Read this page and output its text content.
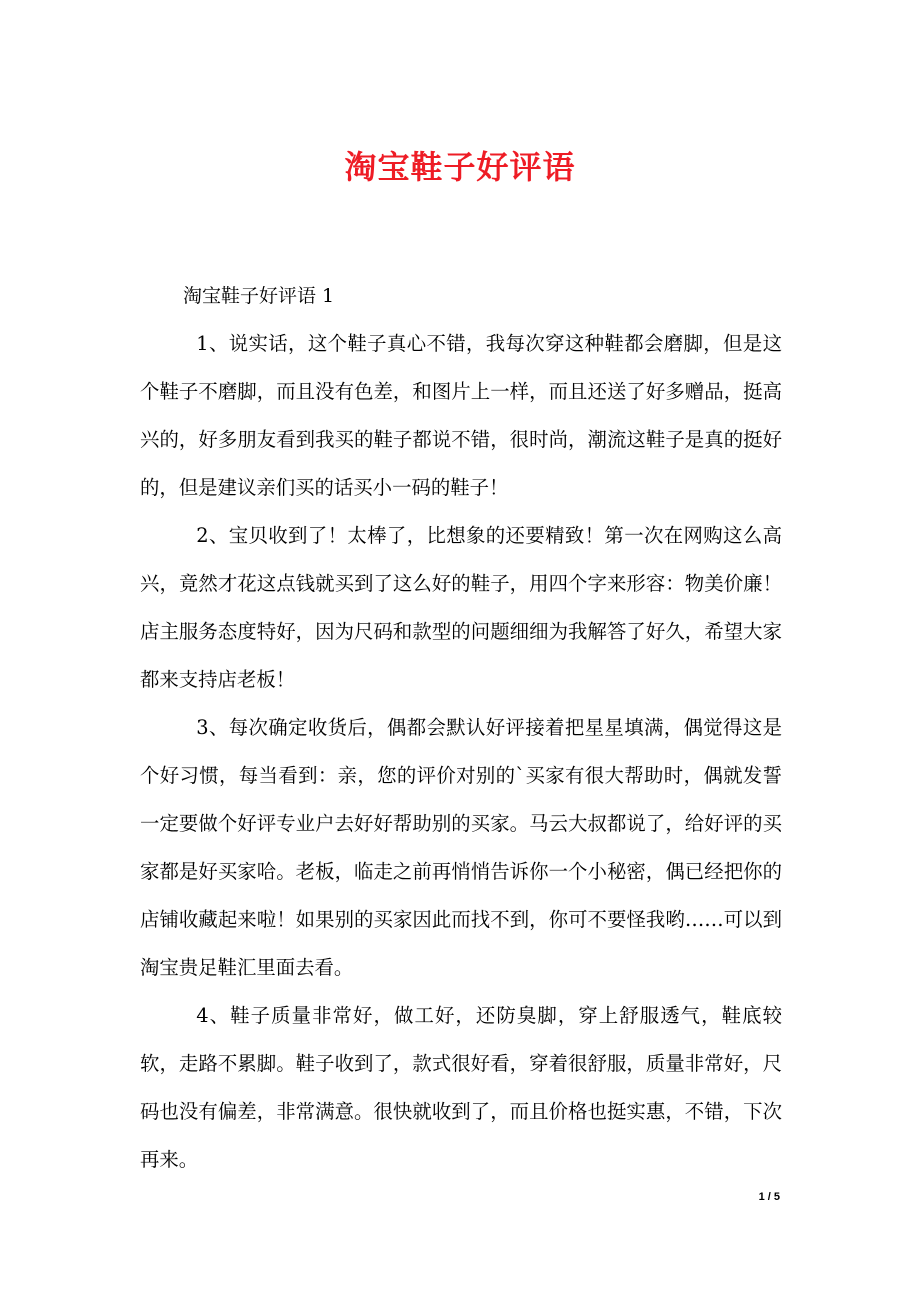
淘宝鞋子好评语
淘宝鞋子好评语 1

1、说实话，这个鞋子真心不错，我每次穿这种鞋都会磨脚，但是这个鞋子不磨脚，而且没有色差，和图片上一样，而且还送了好多赠品，挺高兴的，好多朋友看到我买的鞋子都说不错，很时尚，潮流这鞋子是真的挺好的，但是建议亲们买的话买小一码的鞋子！

2、宝贝收到了！太棒了，比想象的还要精致！第一次在网购这么高兴，竟然才花这点钱就买到了这么好的鞋子，用四个字来形容：物美价廉！店主服务态度特好，因为尺码和款型的问题细细为我解答了好久，希望大家都来支持店老板！

3、每次确定收货后，偶都会默认好评接着把星星填满，偶觉得这是个好习惯，每当看到：亲，您的评价对别的`买家有很大帮助时，偶就发誓一定要做个好评专业户去好好帮助别的买家。马云大叔都说了，给好评的买家都是好买家哈。老板，临走之前再悄悄告诉你一个小秘密，偶已经把你的店铺收藏起来啦！如果别的买家因此而找不到，你可不要怪我哟……可以到淘宝贵足鞋汇里面去看。

4、鞋子质量非常好，做工好，还防臭脚，穿上舒服透气，鞋底较软，走路不累脚。鞋子收到了，款式很好看，穿着很舒服，质量非常好，尺码也没有偏差，非常满意。很快就收到了，而且价格也挺实惠，不错，下次再来。

1 / 5
